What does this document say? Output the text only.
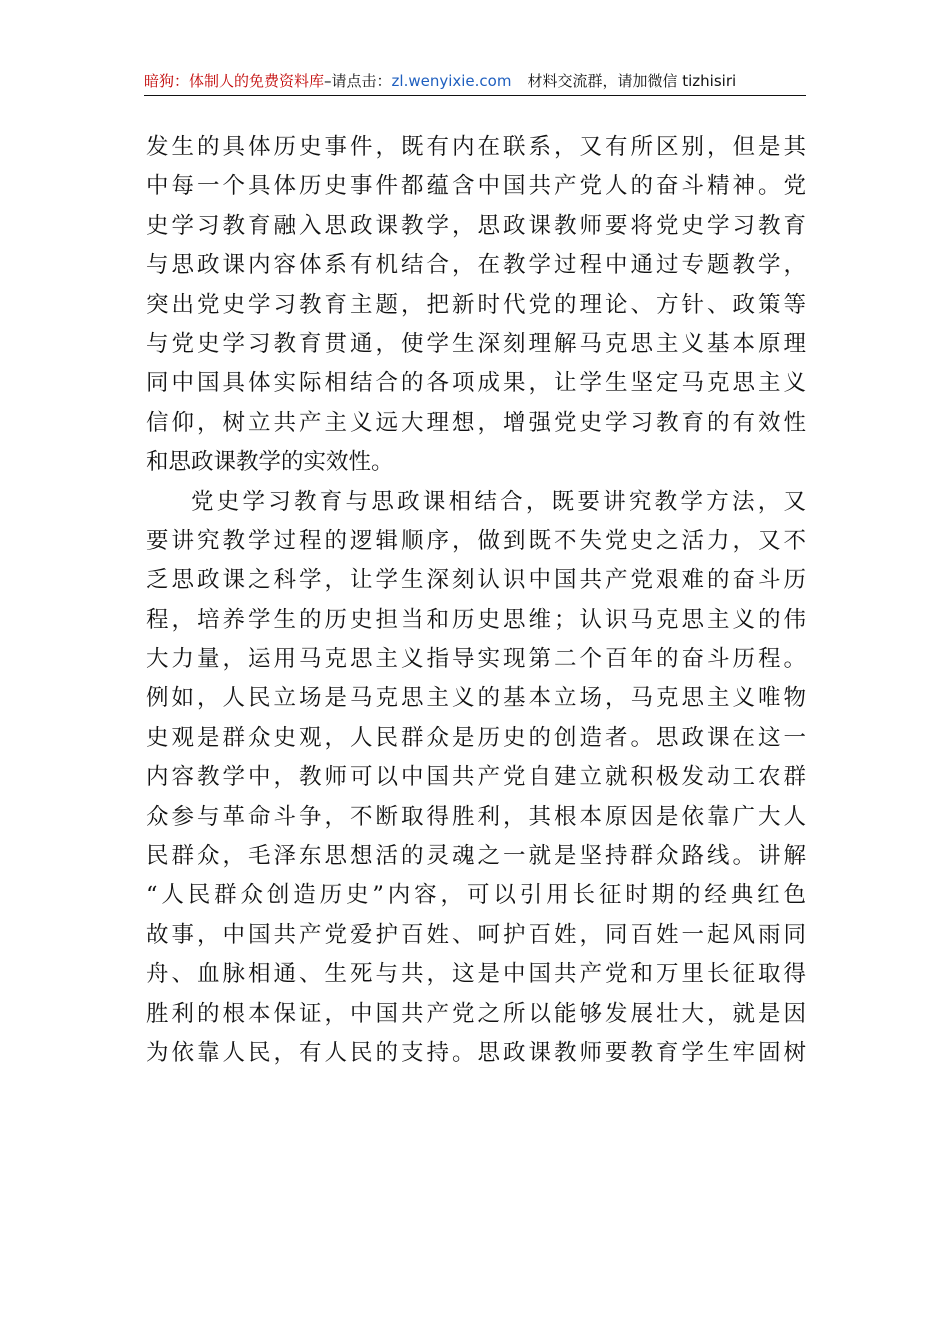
暗狗：体制人的免费资料库–请点击：zl.wenyixie.com 材料交流群，请加微信 tizhisiri
发生的具体历史事件，既有内在联系，又有所区别，但是其
中每一个具体历史事件都蕴含中国共产党人的奋斗精神。党
史学习教育融入思政课教学，思政课教师要将党史学习教育
与思政课内容体系有机结合，在教学过程中通过专题教学，
突出党史学习教育主题，把新时代党的理论、方针、政策等
与党史学习教育贯通，使学生深刻理解马克思主义基本原理
同中国具体实际相结合的各项成果，让学生坚定马克思主义
信仰，树立共产主义远大理想，增强党史学习教育的有效性
和思政课教学的实效性。
党史学习教育与思政课相结合，既要讲究教学方法，又
要讲究教学过程的逻辑顺序，做到既不失党史之活力，又不
乏思政课之科学，让学生深刻认识中国共产党艰难的奋斗历
程，培养学生的历史担当和历史思维；认识马克思主义的伟
大力量，运用马克思主义指导实现第二个百年的奋斗历程。
例如，人民立场是马克思主义的基本立场，马克思主义唯物
史观是群众史观，人民群众是历史的创造者。思政课在这一
内容教学中，教师可以中国共产党自建立就积极发动工农群
众参与革命斗争，不断取得胜利，其根本原因是依靠广大人
民群众，毛泽东思想活的灵魂之一就是坚持群众路线。讲解
“人民群众创造历史”内容，可以引用长征时期的经典红色
故事，中国共产党爱护百姓、呵护百姓，同百姓一起风雨同
舟、血脉相通、生死与共，这是中国共产党和万里长征取得
胜利的根本保证，中国共产党之所以能够发展壮大，就是因
为依靠人民，有人民的支持。思政课教师要教育学生牢固树
